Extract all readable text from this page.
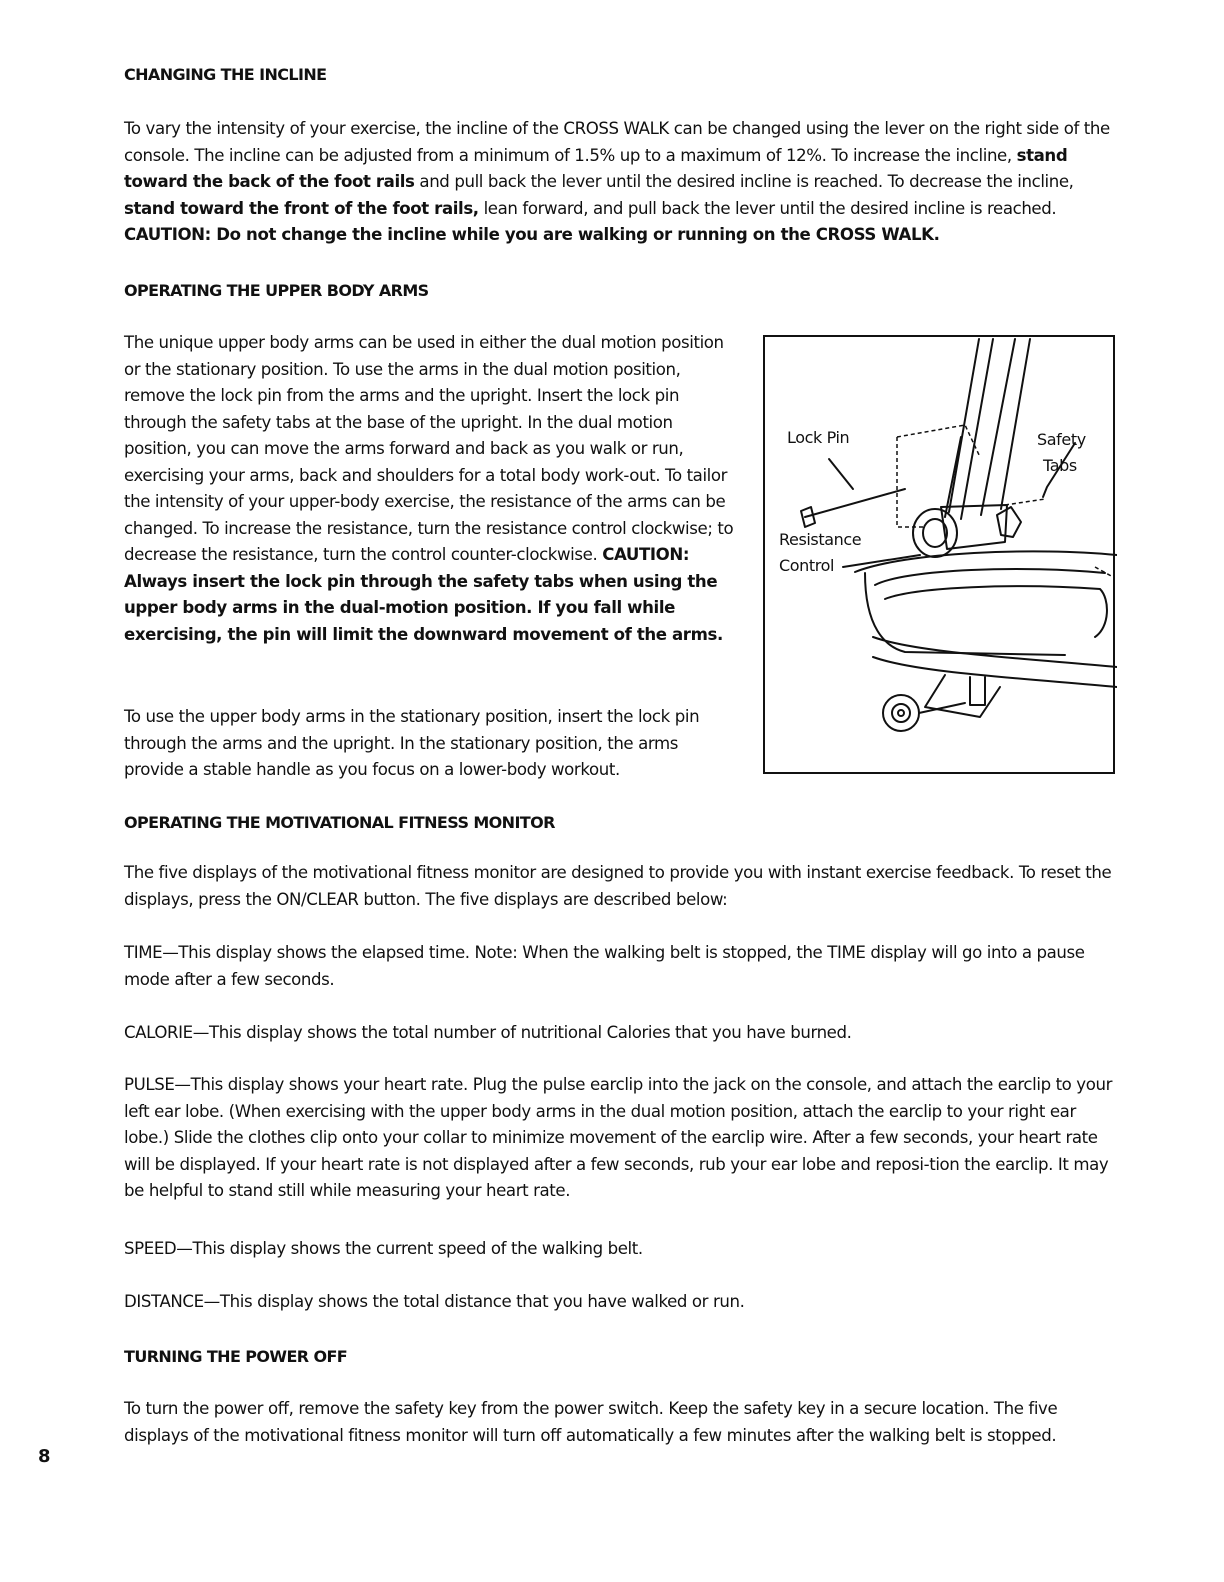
CHANGING THE INCLINE

To vary the intensity of your exercise, the incline of the CROSS WALK can be changed using the lever on the right side of the console. The incline can be adjusted from a minimum of 1.5% up to a maximum of 12%. To increase the incline, stand toward the back of the foot rails and pull back the lever until the desired incline is reached. To decrease the incline, stand toward the front of the foot rails, lean forward, and pull back the lever until the desired incline is reached. CAUTION: Do not change the incline while you are walking or running on the CROSS WALK.

OPERATING THE UPPER BODY ARMS

The unique upper body arms can be used in either the dual motion position or the stationary position. To use the arms in the dual motion position, remove the lock pin from the arms and the upright. Insert the lock pin through the safety tabs at the base of the upright. In the dual motion position, you can move the arms forward and back as you walk or run, exercising your arms, back and shoulders for a total body work-out. To tailor the intensity of your upper-body exercise, the resistance of the arms can be changed. To increase the resistance, turn the resistance control clockwise; to decrease the resistance, turn the control counter-clockwise. CAUTION: Always insert the lock pin through the safety tabs when using the upper body arms in the dual-motion position. If you fall while exercising, the pin will limit the downward movement of the arms.

To use the upper body arms in the stationary position, insert the lock pin through the arms and the upright. In the stationary position, the arms provide a stable handle as you focus on a lower-body workout.

Lock Pin	Safety
Tabs
Resistance
Control
OPERATING THE MOTIVATIONAL FITNESS MONITOR

The five displays of the motivational fitness monitor are designed to provide you with instant exercise feedback. To reset the displays, press the ON/CLEAR button. The five displays are described below:

TIME—This display shows the elapsed time. Note: When the walking belt is stopped, the TIME display will go into a pause mode after a few seconds.

CALORIE—This display shows the total number of nutritional Calories that you have burned.

PULSE—This display shows your heart rate. Plug the pulse earclip into the jack on the console, and attach the earclip to your left ear lobe. (When exercising with the upper body arms in the dual motion position, attach the earclip to your right ear lobe.) Slide the clothes clip onto your collar to minimize movement of the earclip wire. After a few seconds, your heart rate will be displayed. If your heart rate is not displayed after a few seconds, rub your ear lobe and reposi-tion the earclip. It may be helpful to stand still while measuring your heart rate.

SPEED—This display shows the current speed of the walking belt.

DISTANCE—This display shows the total distance that you have walked or run.

TURNING THE POWER OFF

To turn the power off, remove the safety key from the power switch. Keep the safety key in a secure location. The five displays of the motivational fitness monitor will turn off automatically a few minutes after the walking belt is stopped.

8
